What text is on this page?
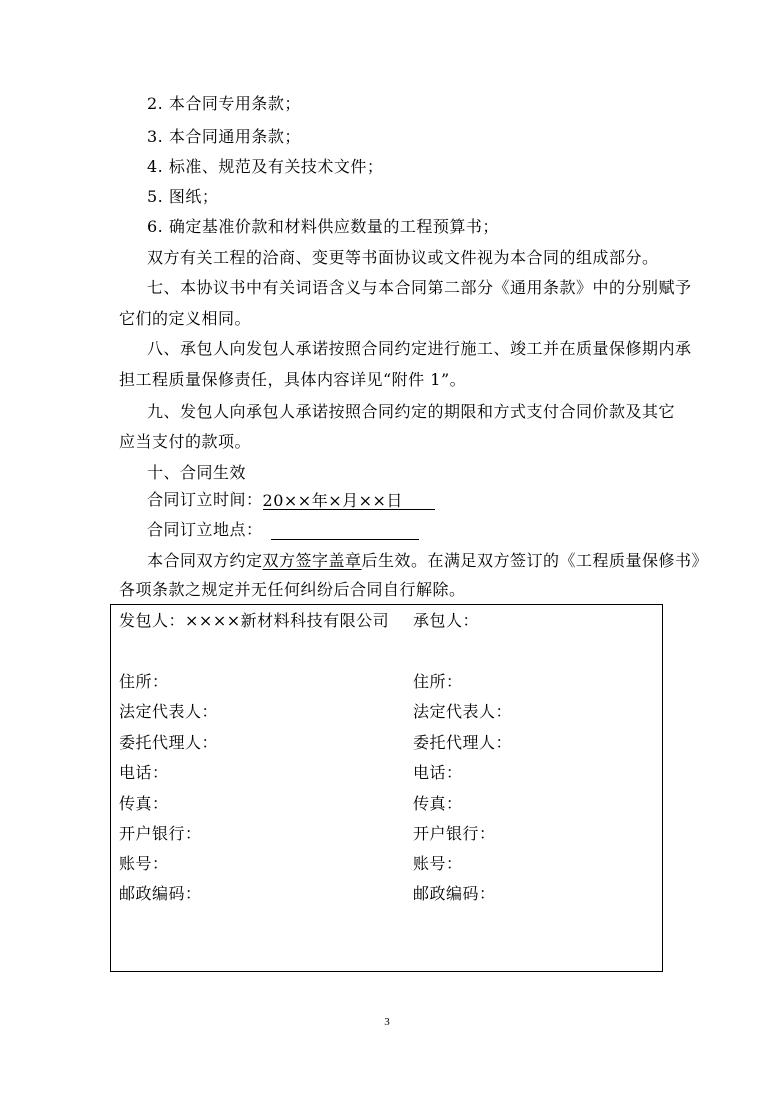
2. 本合同专用条款；
3. 本合同通用条款；
4. 标准、规范及有关技术文件；
5. 图纸；
6. 确定基准价款和材料供应数量的工程预算书；
双方有关工程的洽商、变更等书面协议或文件视为本合同的组成部分。
七、本协议书中有关词语含义与本合同第二部分《通用条款》中的分别赋予
它们的定义相同。
八、承包人向发包人承诺按照合同约定进行施工、竣工并在质量保修期内承
担工程质量保修责任，具体内容详见“附件 1”。
九、发包人向承包人承诺按照合同约定的期限和方式支付合同价款及其它
应当支付的款项。
十、合同生效
合同订立时间：20××年×月××日
合同订立地点：
本合同双方约定双方签字盖章后生效。在满足双方签订的《工程质量保修书》
各项条款之规定并无任何纠纷后合同自行解除。
发包人：××××新材料科技有限公司 承包人：
住所：	住所：
法定代表人：	法定代表人：
委托代理人：	委托代理人：
电话：	电话：
传真：	传真：
开户银行：	开户银行：
账号：	账号：
邮政编码：	邮政编码：
3
